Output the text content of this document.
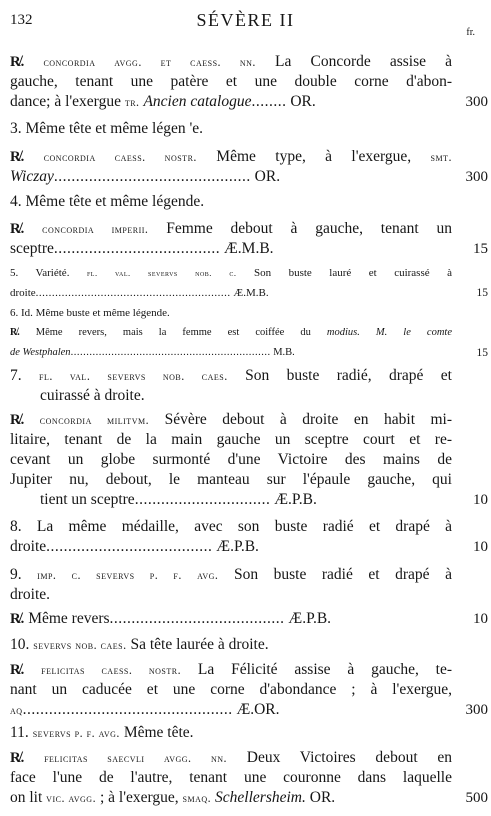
132	SÉVÈRE II
fr.
R̸. concordia avgg. et caess. nn. La Concorde assise à
gauche, tenant une patère et une double corne d'abon-
dance; à l'exergue tr. Ancien catalogue........ OR.	300
3. Même tête et même légen 'e.
R̸. concordia caess. nostr. Même type, à l'exergue, smt.
Wiczay............................................. OR.	300
4. Même tête et même légende.
R̸. concordia imperii. Femme debout à gauche, tenant un
sceptre...................................... Æ.M.B.	15
5. Variété. fl. val. severvs nob. c. Son buste lauré et cuirassé à
droite............................................................ Æ.M.B.	15
6. Id. Même buste et même légende.
R̸. Même revers, mais la femme est coiffée du modius. M. le comte
de Westphalen................................................................ M.B.	15
7. fl. val. severvs nob. caes. Son buste radié, drapé et
cuirassé à droite.
R̸. concordia militvm. Sévère debout à droite en habit mi-
litaire, tenant de la main gauche un sceptre court et re-
cevant un globe surmonté d'une Victoire des mains de
Jupiter nu, debout, le manteau sur l'épaule gauche, qui
tient un sceptre............................... Æ.P.B.	10
8. La même médaille, avec son buste radié et drapé à
droite...................................... Æ.P.B.	10
9. imp. c. severvs p. f. avg. Son buste radié et drapé à
droite.
R̸. Même revers........................................ Æ.P.B.	10
10. severvs nob. caes. Sa tête laurée à droite.
R̸. felicitas caess. nostr. La Félicité assise à gauche, te-
nant un caducée et une corne d'abondance ; à l'exergue,
aq................................................ Æ.OR.	300
11. severvs p. f. avg. Même tête.
R̸. felicitas saecvli avgg. nn. Deux Victoires debout en
face l'une de l'autre, tenant une couronne dans laquelle
on lit vic. avgg. ; à l'exergue, smaq. Schellersheim. OR.	500
